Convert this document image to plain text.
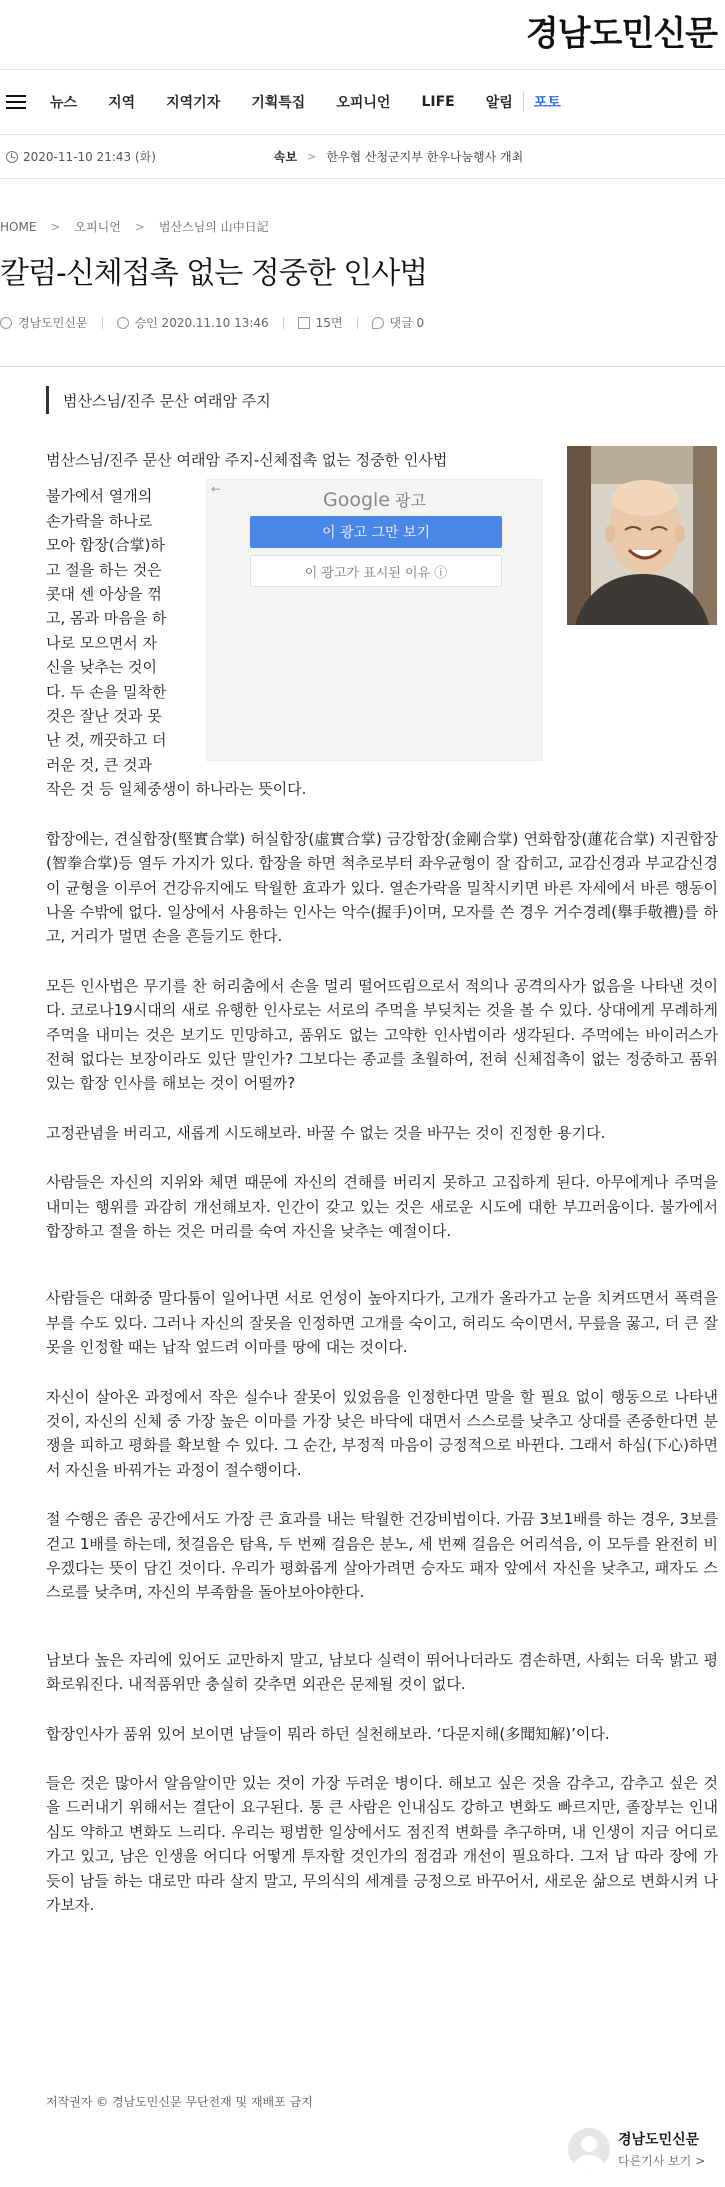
경남도민신문
뉴스 지역 지역기자 기획특집 오피니언 LIFE 알림 포토
2020-11-10 21:43 (화)	속보 > 한우협 산청군지부 한우나눔행사 개최
HOME > 오피니언 > 범산스님의 山中日記
칼럼-신체접촉 없는 정중한 인사법
경남도민신문	승인 2020.11.10 13:46	15면	댓글 0
범산스님/진주 문산 여래암 주지
←	Google 광고
이 광고 그만 보기
이 광고가 표시된 이유 ⓘ

범산스님/진주 문산 여래암 주지-신체접촉 없는 정중한 인사법

불가에서 열개의
손가락을 하나로
모아 합장(合掌)하
고 절을 하는 것은
콧대 센 아상을 꺾
고, 몸과 마음을 하
나로 모으면서 자
신을 낮추는 것이
다. 두 손을 밀착한
것은 잘난 것과 못
난 것, 깨끗하고 더
러운 것, 큰 것과
작은 것 등 일체중생이 하나라는 뜻이다.

합장에는, 견실합장(堅實合掌) 허실합장(虛實合掌) 금강합장(金剛合掌) 연화합장(蓮花合掌) 지권합장(智拳合掌)등 열두 가지가 있다. 합장을 하면 척추로부터 좌우균형이 잘 잡히고, 교감신경과 부교감신경이 균형을 이루어 건강유지에도 탁월한 효과가 있다. 열손가락을 밀착시키면 바른 자세에서 바른 행동이 나올 수밖에 없다. 일상에서 사용하는 인사는 악수(握手)이며, 모자를 쓴 경우 거수경례(擧手敬禮)를 하고, 거리가 멀면 손을 흔들기도 한다.

모든 인사법은 무기를 찬 허리춤에서 손을 멀리 떨어뜨림으로서 적의나 공격의사가 없음을 나타낸 것이다. 코로나19시대의 새로 유행한 인사로는 서로의 주먹을 부딪치는 것을 볼 수 있다. 상대에게 무례하게 주먹을 내미는 것은 보기도 민망하고, 품위도 없는 고약한 인사법이라 생각된다. 주먹에는 바이러스가 전혀 없다는 보장이라도 있단 말인가? 그보다는 종교를 초월하여, 전혀 신체접촉이 없는 정중하고 품위 있는 합장 인사를 해보는 것이 어떨까?

고정관념을 버리고, 새롭게 시도해보라. 바꿀 수 없는 것을 바꾸는 것이 진정한 용기다.

사람들은 자신의 지위와 체면 때문에 자신의 견해를 버리지 못하고 고집하게 된다. 아무에게나 주먹을 내미는 행위를 과감히 개선해보자. 인간이 갖고 있는 것은 새로운 시도에 대한 부끄러움이다. 불가에서 합장하고 절을 하는 것은 머리를 숙여 자신을 낮추는 예절이다.

사람들은 대화중 말다툼이 일어나면 서로 언성이 높아지다가, 고개가 올라가고 눈을 치켜뜨면서 폭력을 부를 수도 있다. 그러나 자신의 잘못을 인정하면 고개를 숙이고, 허리도 숙이면서, 무릎을 꿇고, 더 큰 잘못을 인정할 때는 납작 엎드려 이마를 땅에 대는 것이다.

자신이 살아온 과정에서 작은 실수나 잘못이 있었음을 인정한다면 말을 할 필요 없이 행동으로 나타낸 것이, 자신의 신체 중 가장 높은 이마를 가장 낮은 바닥에 대면서 스스로를 낮추고 상대를 존중한다면 분쟁을 피하고 평화를 확보할 수 있다. 그 순간, 부정적 마음이 긍정적으로 바뀐다. 그래서 하심(下心)하면서 자신을 바꿔가는 과정이 절수행이다.

절 수행은 좁은 공간에서도 가장 큰 효과를 내는 탁월한 건강비법이다. 가끔 3보1배를 하는 경우, 3보를 걷고 1배를 하는데, 첫걸음은 탐욕, 두 번째 걸음은 분노, 세 번째 걸음은 어리석음, 이 모두를 완전히 비우겠다는 뜻이 담긴 것이다. 우리가 평화롭게 살아가려면 승자도 패자 앞에서 자신을 낮추고, 패자도 스스로를 낮추며, 자신의 부족함을 돌아보아야한다.

남보다 높은 자리에 있어도 교만하지 말고, 남보다 실력이 뛰어나더라도 겸손하면, 사회는 더욱 밝고 평화로워진다. 내적품위만 충실히 갖추면 외관은 문제될 것이 없다.

합장인사가 품위 있어 보이면 남들이 뭐라 하던 실천해보라. ‘다문지해(多聞知解)’이다.

들은 것은 많아서 알음알이만 있는 것이 가장 두려운 병이다. 해보고 싶은 것을 감추고, 감추고 싶은 것을 드러내기 위해서는 결단이 요구된다. 통 큰 사람은 인내심도 강하고 변화도 빠르지만, 졸장부는 인내심도 약하고 변화도 느리다. 우리는 평범한 일상에서도 점진적 변화를 추구하며, 내 인생이 지금 어디로 가고 있고, 남은 인생을 어디다 어떻게 투자할 것인가의 점검과 개선이 필요하다. 그저 남 따라 장에 가듯이 남들 하는 대로만 따라 살지 말고, 무의식의 세계를 긍정으로 바꾸어서, 새로운 삶으로 변화시켜 나가보자.

저작권자 © 경남도민신문 무단전재 및 재배포 금지
경남도민신문
다른기사 보기 >
